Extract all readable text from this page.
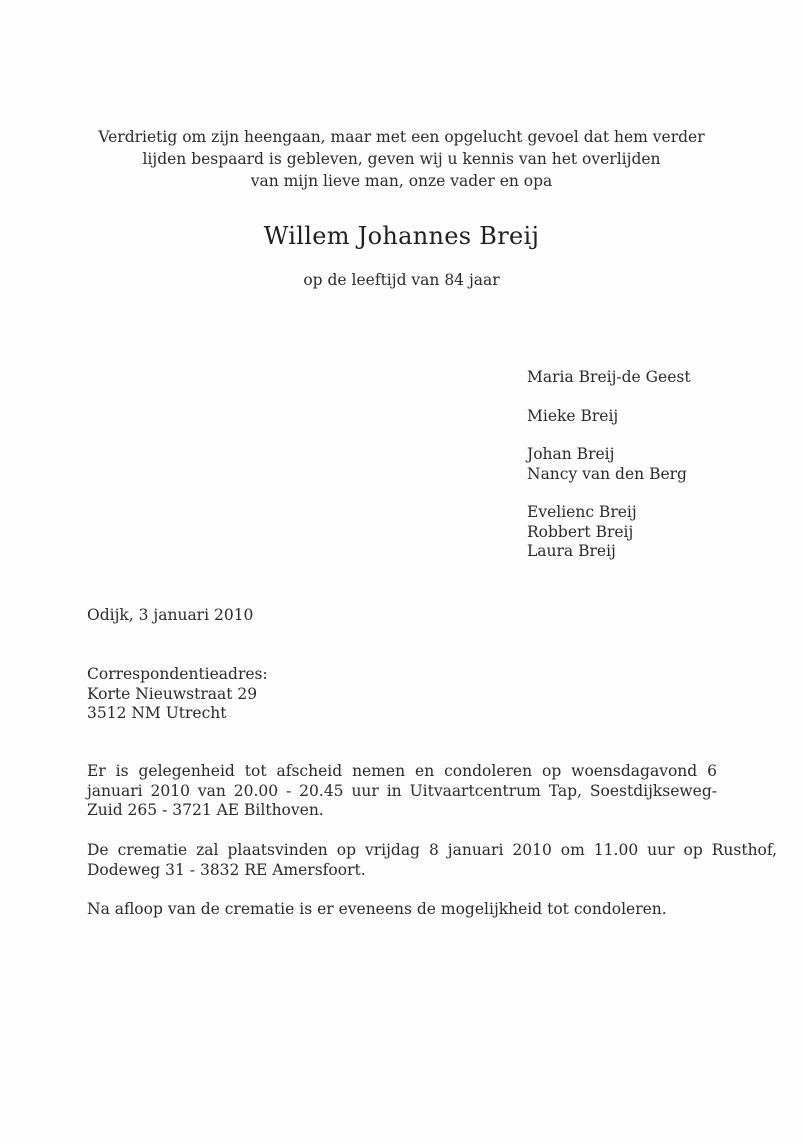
Verdrietig om zijn heengaan, maar met een opgelucht gevoel dat hem verder
lijden bespaard is gebleven, geven wij u kennis van het overlijden
van mijn lieve man, onze vader en opa
Willem Johannes Breij
op de leeftijd van 84 jaar
Maria Breij-de Geest
Mieke Breij
Johan Breij
Nancy van den Berg
Evelienc Breij
Robbert Breij
Laura Breij
Odijk, 3 januari 2010
Correspondentieadres:
Korte Nieuwstraat 29
3512 NM Utrecht
Er is gelegenheid tot afscheid nemen en condoleren op woensdagavond 6 januari 2010 van 20.00 - 20.45 uur in Uitvaartcentrum Tap, Soestdijkseweg-Zuid 265 - 3721 AE Bilthoven.
De crematie zal plaatsvinden op vrijdag 8 januari 2010 om 11.00 uur op Rusthof, Dodeweg 31 - 3832 RE Amersfoort.
Na afloop van de crematie is er eveneens de mogelijkheid tot condoleren.
